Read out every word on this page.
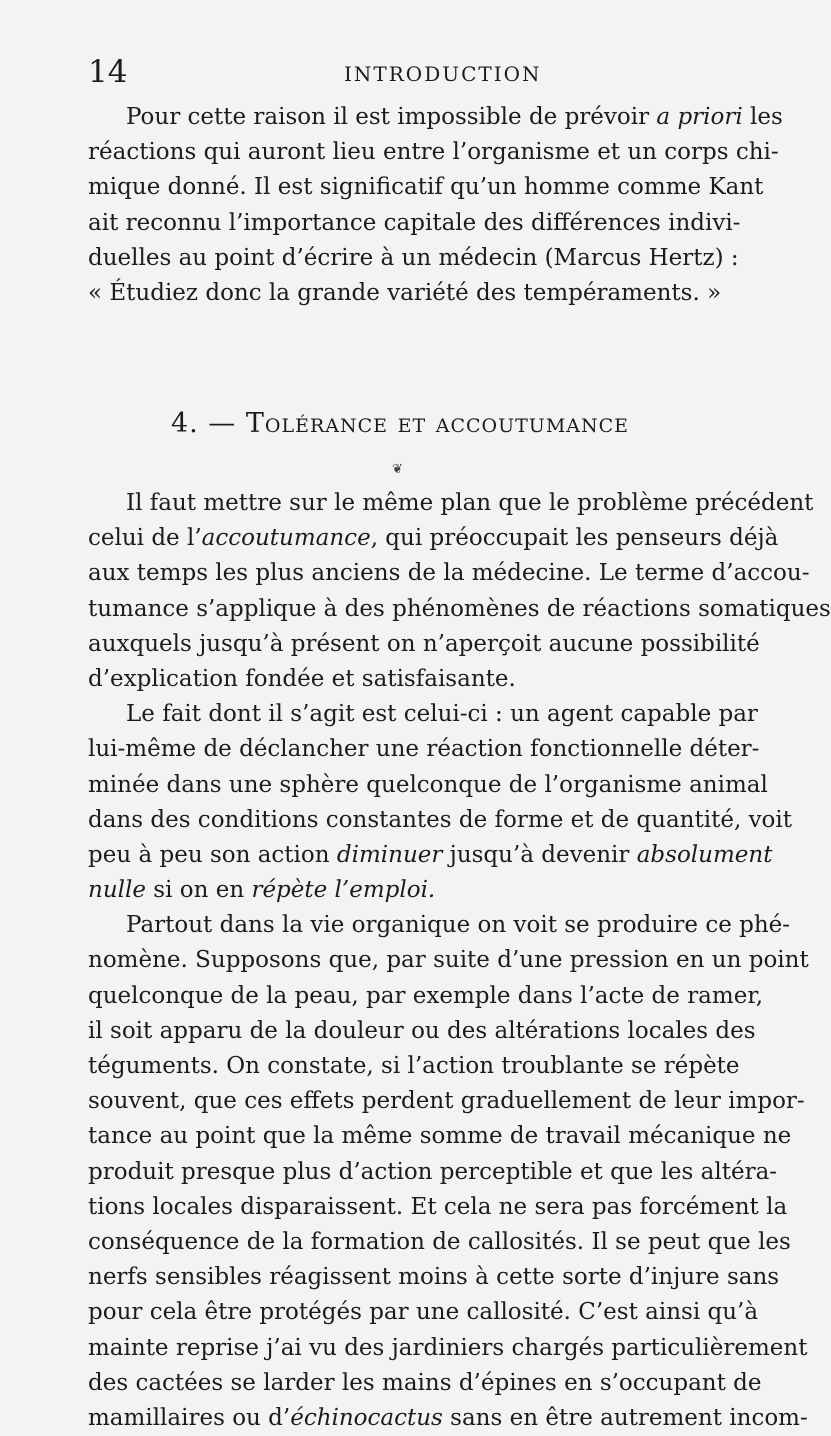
14	INTRODUCTION
Pour cette raison il est impossible de prévoir a priori les
réactions qui auront lieu entre l’organisme et un corps chi-
mique donné. Il est significatif qu’un homme comme Kant
ait reconnu l’importance capitale des différences indivi-
duelles au point d’écrire à un médecin (Marcus Hertz) :
« Étudiez donc la grande variété des tempéraments. »
4. — Tolérance et accoutumance
❦
Il faut mettre sur le même plan que le problème précédent
celui de l’accoutumance, qui préoccupait les penseurs déjà
aux temps les plus anciens de la médecine. Le terme d’accou-
tumance s’applique à des phénomènes de réactions somatiques
auxquels jusqu’à présent on n’aperçoit aucune possibilité
d’explication fondée et satisfaisante.
Le fait dont il s’agit est celui-ci : un agent capable par
lui-même de déclancher une réaction fonctionnelle déter-
minée dans une sphère quelconque de l’organisme animal
dans des conditions constantes de forme et de quantité, voit
peu à peu son action diminuer jusqu’à devenir absolument
nulle si on en répète l’emploi.
Partout dans la vie organique on voit se produire ce phé-
nomène. Supposons que, par suite d’une pression en un point
quelconque de la peau, par exemple dans l’acte de ramer,
il soit apparu de la douleur ou des altérations locales des
téguments. On constate, si l’action troublante se répète
souvent, que ces effets perdent graduellement de leur impor-
tance au point que la même somme de travail mécanique ne
produit presque plus d’action perceptible et que les altéra-
tions locales disparaissent. Et cela ne sera pas forcément la
conséquence de la formation de callosités. Il se peut que les
nerfs sensibles réagissent moins à cette sorte d’injure sans
pour cela être protégés par une callosité. C’est ainsi qu’à
mainte reprise j’ai vu des jardiniers chargés particulièrement
des cactées se larder les mains d’épines en s’occupant de
mamillaires ou d’échinocactus sans en être autrement incom-
